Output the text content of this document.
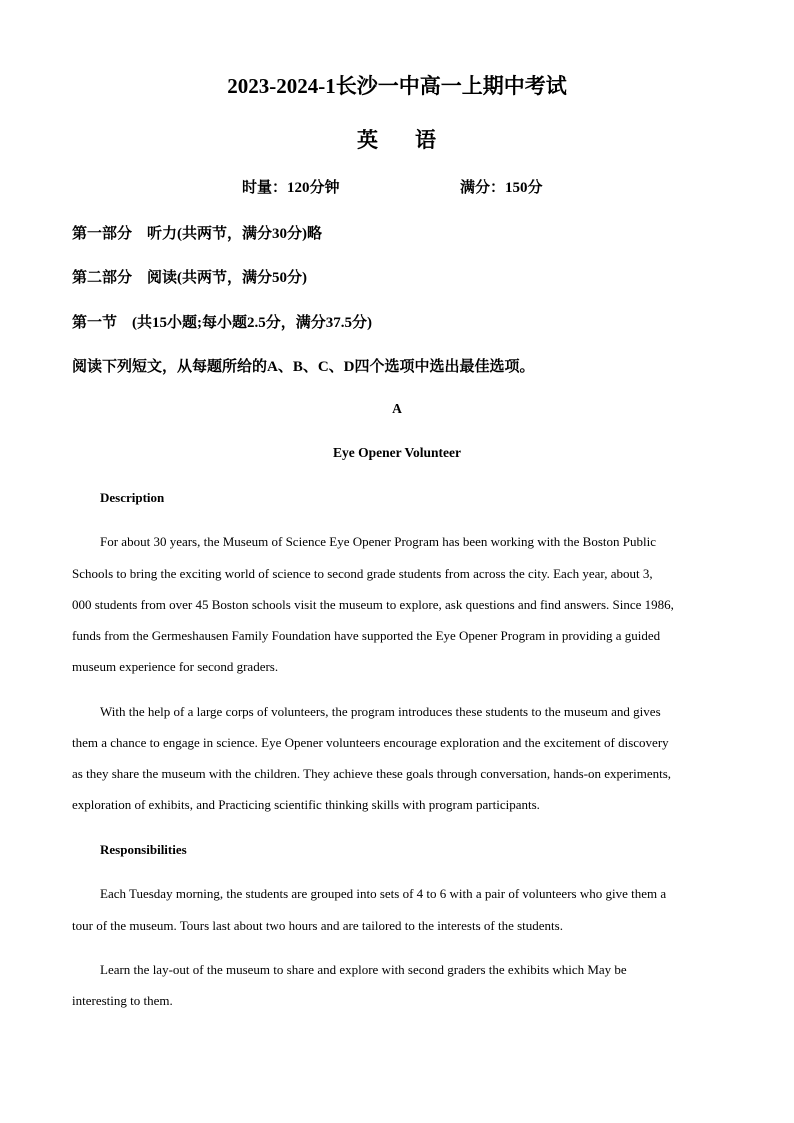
2023-2024-1长沙一中高一上期中考试
英 语
时量：120分钟	满分：150分
第一部分　听力(共两节，满分30分)略
第二部分　阅读(共两节，满分50分)
第一节　(共15小题;每小题2.5分，满分37.5分)
阅读下列短文，从每题所给的A、B、C、D四个选项中选出最佳选项。
A
Eye Opener Volunteer
Description
For about 30 years, the Museum of Science Eye Opener Program has been working with the Boston Public
Schools to bring the exciting world of science to second grade students from across the city. Each year, about 3,
000 students from over 45 Boston schools visit the museum to explore, ask questions and find answers. Since 1986,
funds from the Germeshausen Family Foundation have supported the Eye Opener Program in providing a guided
museum experience for second graders.
With the help of a large corps of volunteers, the program introduces these students to the museum and gives
them a chance to engage in science. Eye Opener volunteers encourage exploration and the excitement of discovery
as they share the museum with the children. They achieve these goals through conversation, hands-on experiments,
exploration of exhibits, and Practicing scientific thinking skills with program participants.
Responsibilities
Each Tuesday morning, the students are grouped into sets of 4 to 6 with a pair of volunteers who give them a
tour of the museum. Tours last about two hours and are tailored to the interests of the students.
Learn the lay-out of the museum to share and explore with second graders the exhibits which May be
interesting to them.
